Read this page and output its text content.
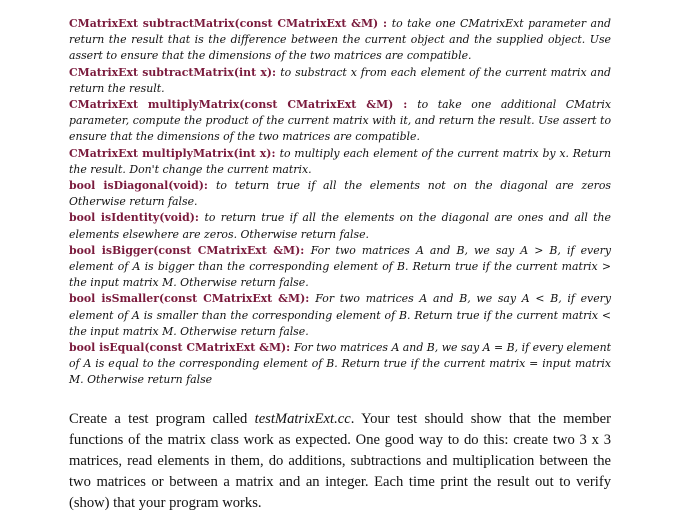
CMatrixExt subtractMatrix(const CMatrixExt &M) : to take one CMatrixExt parameter and return the result that is the difference between the current object and the supplied object. Use assert to ensure that the dimensions of the two matrices are compatible.

CMatrixExt subtractMatrix(int x): to substract x from each element of the current matrix and return the result.

CMatrixExt multiplyMatrix(const CMatrixExt &M) : to take one additional CMatrix parameter, compute the product of the current matrix with it, and return the result. Use assert to ensure that the dimensions of the two matrices are compatible.

CMatrixExt multiplyMatrix(int x): to multiply each element of the current matrix by x. Return the result. Don't change the current matrix.

bool isDiagonal(void): to teturn true if all the elements not on the diagonal are zeros Otherwise return false.

bool isIdentity(void): to return true if all the elements on the diagonal are ones and all the elements elsewhere are zeros. Otherwise return false.

bool isBigger(const CMatrixExt &M): For two matrices A and B, we say A > B, if every element of A is bigger than the corresponding element of B. Return true if the current matrix > the input matrix M. Otherwise return false.

bool isSmaller(const CMatrixExt &M): For two matrices A and B, we say A < B, if every element of A is smaller than the corresponding element of B. Return true if the current matrix < the input matrix M. Otherwise return false.

bool isEqual(const CMatrixExt &M): For two matrices A and B, we say A = B, if every element of A is equal to the corresponding element of B. Return true if the current matrix = input matrix M. Otherwise return false

Create a test program called testMatrixExt.cc. Your test should show that the member functions of the matrix class work as expected. One good way to do this: create two 3 x 3 matrices, read elements in them, do additions, subtractions and multiplication between the two matrices or between a matrix and an integer. Each time print the result out to verify (show) that your program works.
